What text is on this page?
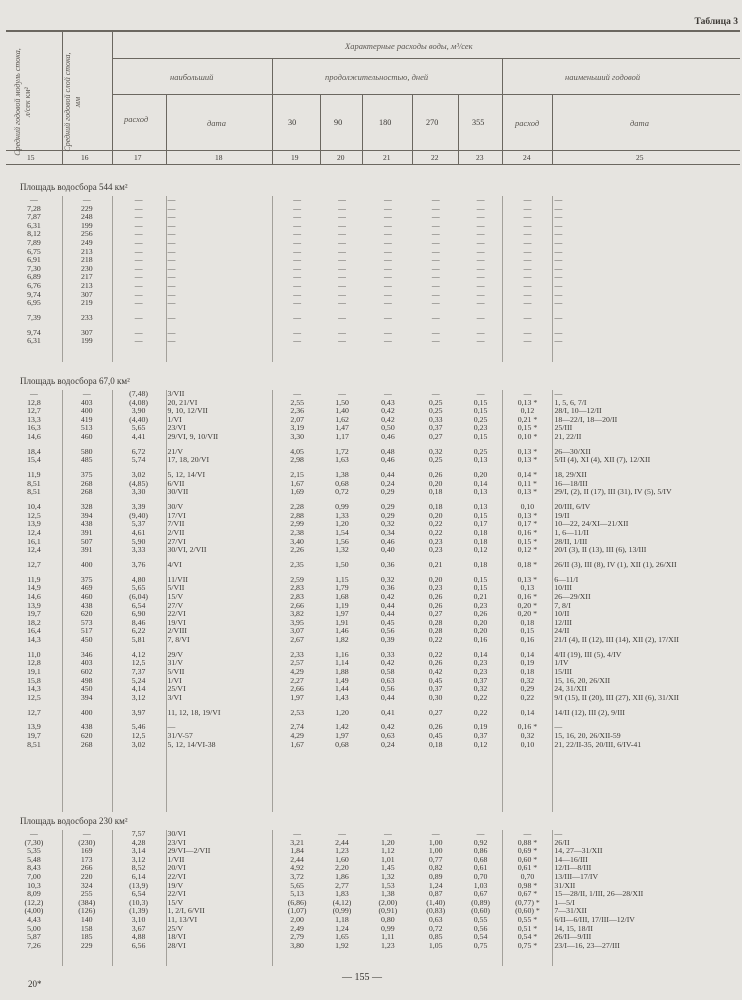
Таблица 3
Средний годовой модуль стока, л/сек км²	Средний годовой слой стока, мм
Характерные расходы воды, м³/сек
наибольший	продолжительностью, дней	наименьший годовой
расход	дата	30	90	180	270	355	расход	дата
15	16	17	18	19	20	21	22	23	24	25
Площадь водосбора 544 км²
—	—	—	—	—	—	—	—	—	—	—
7,28	229	—	—	—	—	—	—	—	—	—
7,87	248	—	—	—	—	—	—	—	—	—
6,31	199	—	—	—	—	—	—	—	—	—
8,12	256	—	—	—	—	—	—	—	—	—
7,89	249	—	—	—	—	—	—	—	—	—
6,75	213	—	—	—	—	—	—	—	—	—
6,91	218	—	—	—	—	—	—	—	—	—
7,30	230	—	—	—	—	—	—	—	—	—
6,89	217	—	—	—	—	—	—	—	—	—
6,76	213	—	—	—	—	—	—	—	—	—
9,74	307	—	—	—	—	—	—	—	—	—
6,95	219	—	—	—	—	—	—	—	—	—
7,39	233	—	—	—	—	—	—	—	—	—
9,74	307	—	—	—	—	—	—	—	—	—
6,31	199	—	—	—	—	—	—	—	—	—
Площадь водосбора 67,0 км²
—	—	(7,48)	3/VII	—	—	—	—	—	—	—
12,8	403	(4,08)	20, 21/VI	2,55	1,50	0,43	0,25	0,15	0,13 *	1, 5, 6, 7/I
12,7	400	3,90	9, 10, 12/VII	2,36	1,40	0,42	0,25	0,15	0,12	28/I, 10—12/II
13,3	419	(4,40)	1/VI	2,07	1,62	0,42	0,33	0,25	0,21 *	18—22/I, 18—20/II
16,3	513	5,65	23/VI	3,19	1,47	0,50	0,37	0,23	0,15 *	25/III
14,6	460	4,41	29/VI, 9, 10/VII	3,30	1,17	0,46	0,27	0,15	0,10 *	21, 22/II
18,4	580	6,72	21/V	4,05	1,72	0,48	0,32	0,25	0,13 *	26—30/XII
15,4	485	5,74	17, 18, 20/VI	2,98	1,63	0,46	0,25	0,13	0,13 *	5/II (4), XI (4), XII (7), 12/XII
11,9	375	3,02	5, 12, 14/VI	2,15	1,38	0,44	0,26	0,20	0,14 *	18, 29/XII
8,51	268	(4,85)	6/VII	1,67	0,68	0,24	0,20	0,14	0,11 *	16—18/III
8,51	268	3,30	30/VII	1,69	0,72	0,29	0,18	0,13	0,13 *	29/I, (2), II (17), III (31), IV (5), 5/IV
10,4	328	3,39	30/V	2,28	0,99	0,29	0,18	0,13	0,10	20/III, 6/IV
12,5	394	(9,40)	17/VI	2,88	1,33	0,29	0,20	0,15	0,13 *	19/II
13,9	438	5,37	7/VII	2,99	1,20	0,32	0,22	0,17	0,17 *	10—22, 24/XI—21/XII
12,4	391	4,61	2/VII	2,38	1,54	0,34	0,22	0,18	0,16 *	1, 6—11/II
16,1	507	5,90	27/VI	3,40	1,56	0,46	0,23	0,18	0,15 *	28/II, 1/III
12,4	391	3,33	30/VI, 2/VII	2,26	1,32	0,40	0,23	0,12	0,12 *	20/I (3), II (13), III (6), 13/III
12,7	400	3,76	4/VI	2,35	1,50	0,36	0,21	0,18	0,18 *	26/II (3), III (8), IV (1), XII (1), 26/XII
11,9	375	4,80	11/VII	2,59	1,15	0,32	0,20	0,15	0,13 *	6—11/I
14,9	469	5,65	5/VII	2,83	1,79	0,36	0,23	0,15	0,13	10/III
14,6	460	(6,04)	15/V	2,83	1,68	0,42	0,26	0,21	0,16 *	26—29/XII
13,9	438	6,54	27/V	2,66	1,19	0,44	0,26	0,23	0,20 *	7, 8/I
19,7	620	6,90	22/VI	3,82	1,97	0,44	0,27	0,26	0,20 *	10/II
18,2	573	8,46	19/VI	3,95	1,91	0,45	0,28	0,20	0,18	12/III
16,4	517	6,22	2/VIII	3,07	1,46	0,56	0,28	0,20	0,15	24/II
14,3	450	5,81	7, 8/VI	2,67	1,82	0,39	0,22	0,16	0,16	21/I (4), II (12), III (14), XII (2), 17/XII
11,0	346	4,12	29/V	2,33	1,16	0,33	0,22	0,14	0,14	4/II (19), III (5), 4/IV
12,8	403	12,5	31/V	2,57	1,14	0,42	0,26	0,23	0,19	1/IV
19,1	602	7,37	5/VII	4,29	1,88	0,58	0,42	0,23	0,18	15/III
15,8	498	5,24	1/VI	2,27	1,49	0,63	0,45	0,37	0,32	15, 16, 20, 26/XII
14,3	450	4,14	25/VI	2,66	1,44	0,56	0,37	0,32	0,29	24, 31/XII
12,5	394	3,12	3/VI	1,97	1,43	0,44	0,30	0,22	0,22	9/I (15), II (20), III (27), XII (6), 31/XII
12,7	400	3,97	11, 12, 18, 19/VI	2,53	1,20	0,41	0,27	0,22	0,14	14/II (12), III (2), 9/III
13,9	438	5,46	—	2,74	1,42	0,42	0,26	0,19	0,16 *	—
19,7	620	12,5	31/V-57	4,29	1,97	0,63	0,45	0,37	0,32	15, 16, 20, 26/XII-59
8,51	268	3,02	5, 12, 14/VI-38	1,67	0,68	0,24	0,18	0,12	0,10	21, 22/II-35, 20/III, 6/IV-41
Площадь водосбора 230 км²
—	—	7,57	30/VI	—	—	—	—	—	—	—
(7,30)	(230)	4,28	23/VI	3,21	2,44	1,20	1,00	0,92	0,88 *	26/II
5,35	169	3,14	29/VI—2/VII	1,84	1,23	1,12	1,00	0,86	0,69 *	14, 27—31/XII
5,48	173	3,12	1/VII	2,44	1,60	1,01	0,77	0,68	0,60 *	14—16/III
8,43	266	8,52	20/VI	4,92	2,20	1,45	0,82	0,61	0,61 *	12/II—8/III
7,00	220	6,14	22/VI	3,72	1,86	1,32	0,89	0,70	0,70	13/III—17/IV
10,3	324	(13,9)	19/V	5,65	2,77	1,53	1,24	1,03	0,98 *	31/XII
8,09	255	6,54	22/VI	5,13	1,83	1,38	0,87	0,67	0,67 *	15—28/II, 1/III, 26—28/XII
(12,2)	(384)	(10,3)	15/V	(6,86)	(4,12)	(2,00)	(1,40)	(0,89)	(0,77) *	1—5/I
(4,00)	(126)	(1,39)	1, 2/I, 6/VII	(1,07)	(0,99)	(0,91)	(0,83)	(0,60)	(0,60) *	7—31/XII
4,43	140	3,10	11, 13/VI	2,00	1,18	0,80	0,63	0,55	0,55 *	6/II—6/III, 17/III—12/IV
5,00	158	3,67	25/V	2,49	1,24	0,99	0,72	0,56	0,51 *	14, 15, 18/II
5,87	185	4,88	18/VI	2,79	1,65	1,11	0,85	0,54	0,54 *	26/II—9/III
7,26	229	6,56	28/VI	3,80	1,92	1,23	1,05	0,75	0,75 *	23/I—16, 23—27/III
20*
— 155 —
